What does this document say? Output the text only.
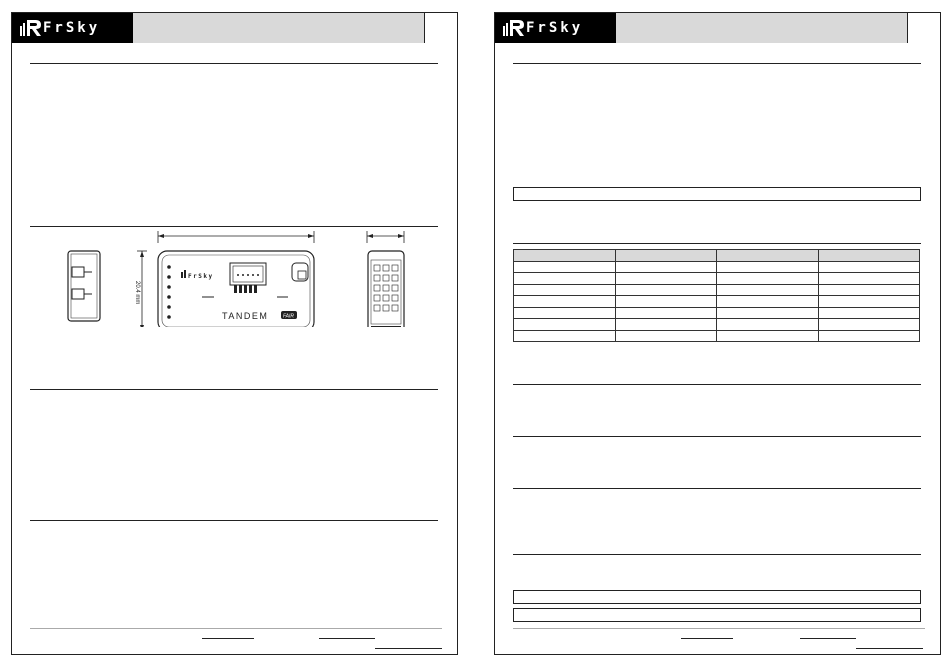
FrSky
20.4 mm
FrSky
TANDEM	FAIR
FrSky
